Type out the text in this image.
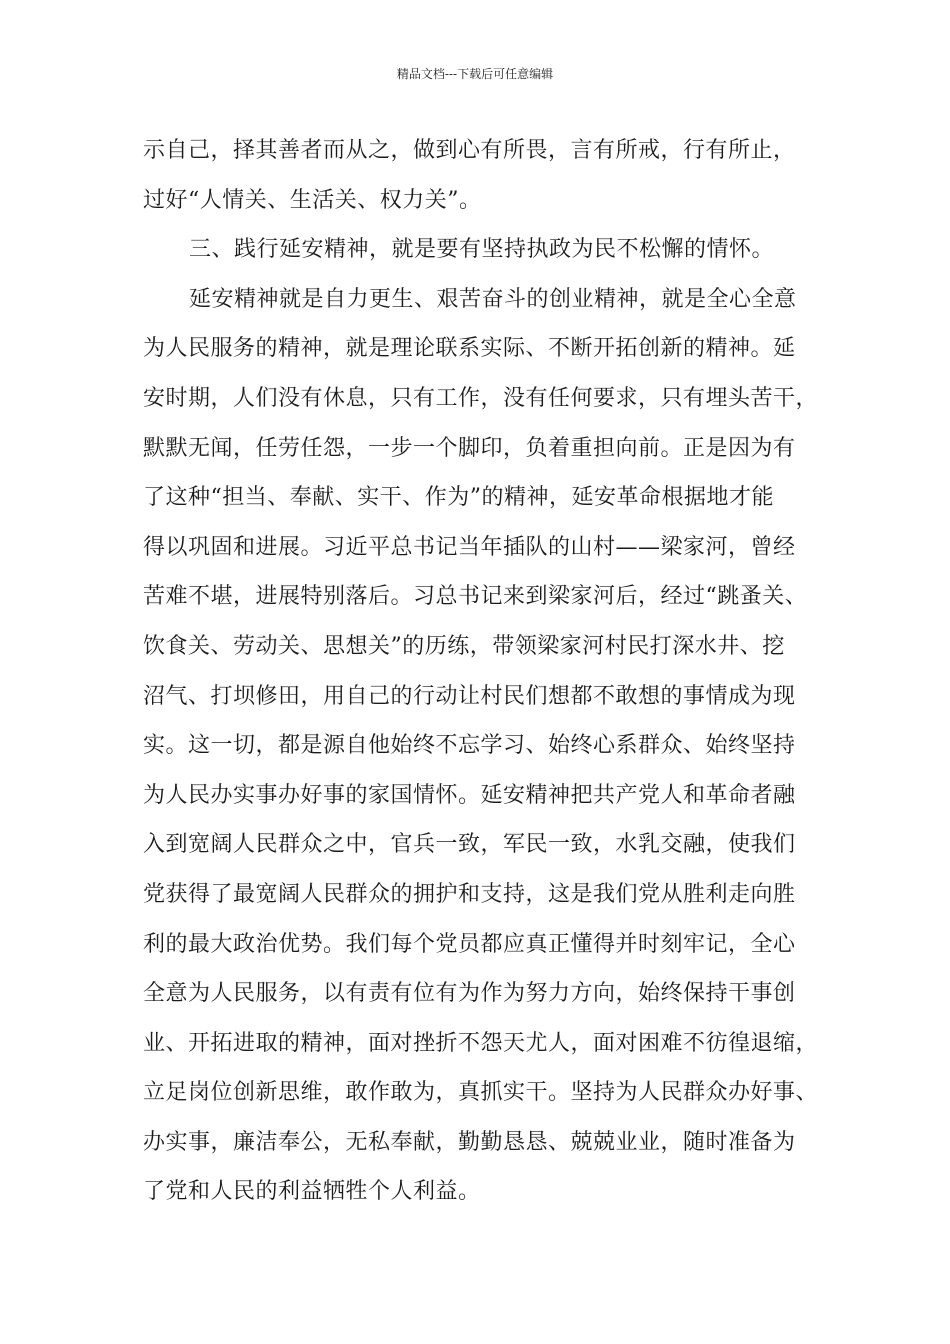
精品文档---下载后可任意编辑
示自己，择其善者而从之，做到心有所畏，言有所戒，行有所止，
过好“人情关、生活关、权力关”。
三、践行延安精神，就是要有坚持执政为民不松懈的情怀。
延安精神就是自力更生、艰苦奋斗的创业精神，就是全心全意
为人民服务的精神，就是理论联系实际、不断开拓创新的精神。延
安时期，人们没有休息，只有工作，没有任何要求，只有埋头苦干，
默默无闻，任劳任怨，一步一个脚印，负着重担向前。正是因为有
了这种“担当、奉献、实干、作为”的精神，延安革命根据地才能
得以巩固和进展。习近平总书记当年插队的山村——梁家河，曾经
苦难不堪，进展特别落后。习总书记来到梁家河后，经过“跳蚤关、
饮食关、劳动关、思想关”的历练，带领梁家河村民打深水井、挖
沼气、打坝修田，用自己的行动让村民们想都不敢想的事情成为现
实。这一切，都是源自他始终不忘学习、始终心系群众、始终坚持
为人民办实事办好事的家国情怀。延安精神把共产党人和革命者融
入到宽阔人民群众之中，官兵一致，军民一致，水乳交融，使我们
党获得了最宽阔人民群众的拥护和支持，这是我们党从胜利走向胜
利的最大政治优势。我们每个党员都应真正懂得并时刻牢记，全心
全意为人民服务，以有责有位有为作为努力方向，始终保持干事创
业、开拓进取的精神，面对挫折不怨天尤人，面对困难不彷徨退缩，
立足岗位创新思维，敢作敢为，真抓实干。坚持为人民群众办好事、
办实事，廉洁奉公，无私奉献，勤勤恳恳、兢兢业业，随时准备为
了党和人民的利益牺牲个人利益。
